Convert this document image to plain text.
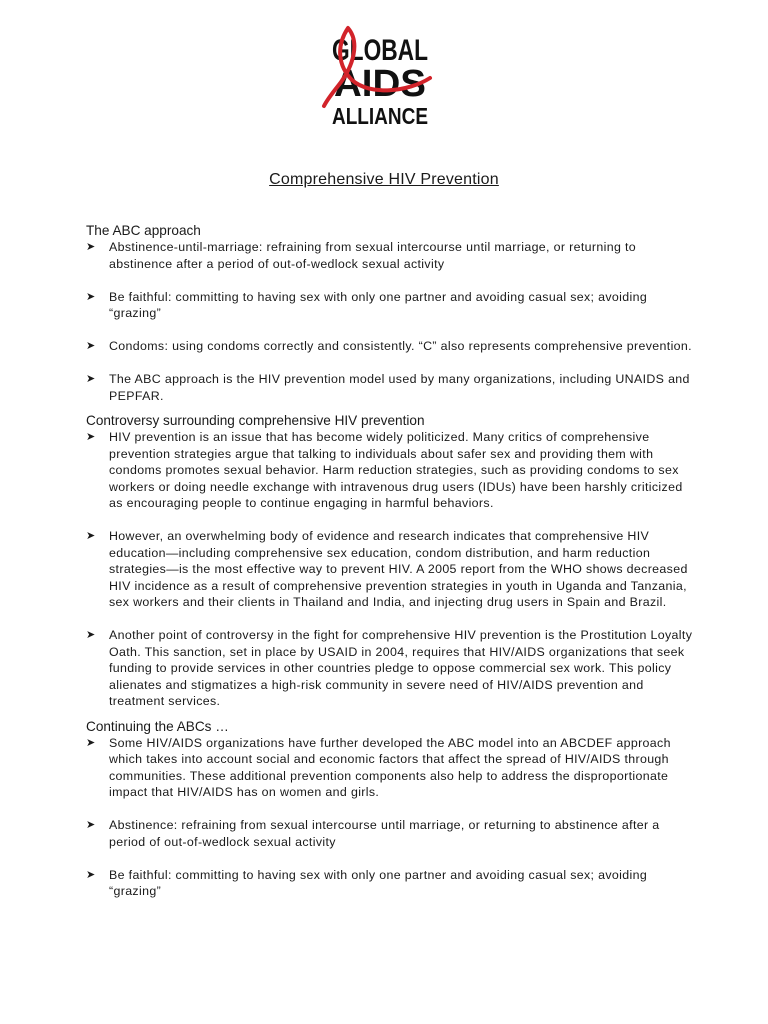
GLOBAL
AIDS
ALLIANCE
Comprehensive HIV Prevention
The ABC approach
➤ Abstinence-until-marriage: refraining from sexual intercourse until marriage, or returning to abstinence after a period of out-of-wedlock sexual activity
➤ Be faithful: committing to having sex with only one partner and avoiding casual sex; avoiding “grazing”
➤ Condoms: using condoms correctly and consistently. “C” also represents comprehensive prevention.
➤ The ABC approach is the HIV prevention model used by many organizations, including UNAIDS and PEPFAR.
Controversy surrounding comprehensive HIV prevention
➤ HIV prevention is an issue that has become widely politicized. Many critics of comprehensive prevention strategies argue that talking to individuals about safer sex and providing them with condoms promotes sexual behavior. Harm reduction strategies, such as providing condoms to sex workers or doing needle exchange with intravenous drug users (IDUs) have been harshly criticized as encouraging people to continue engaging in harmful behaviors.
➤ However, an overwhelming body of evidence and research indicates that comprehensive HIV education—including comprehensive sex education, condom distribution, and harm reduction strategies—is the most effective way to prevent HIV. A 2005 report from the WHO shows decreased HIV incidence as a result of comprehensive prevention strategies in youth in Uganda and Tanzania, sex workers and their clients in Thailand and India, and injecting drug users in Spain and Brazil.
➤ Another point of controversy in the fight for comprehensive HIV prevention is the Prostitution Loyalty Oath. This sanction, set in place by USAID in 2004, requires that HIV/AIDS organizations that seek funding to provide services in other countries pledge to oppose commercial sex work. This policy alienates and stigmatizes a high-risk community in severe need of HIV/AIDS prevention and treatment services.
Continuing the ABCs …
➤ Some HIV/AIDS organizations have further developed the ABC model into an ABCDEF approach which takes into account social and economic factors that affect the spread of HIV/AIDS through communities. These additional prevention components also help to address the disproportionate impact that HIV/AIDS has on women and girls.
➤ Abstinence: refraining from sexual intercourse until marriage, or returning to abstinence after a period of out-of-wedlock sexual activity
➤ Be faithful: committing to having sex with only one partner and avoiding casual sex; avoiding “grazing”
